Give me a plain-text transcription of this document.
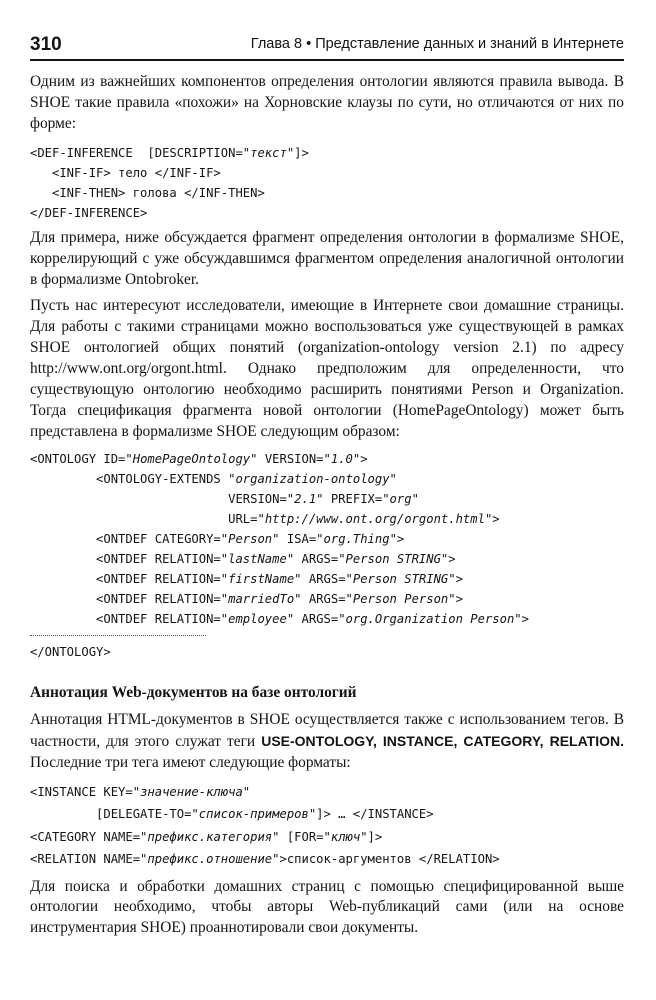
310	Глава 8 • Представление данных и знаний в Интернете

Одним из важнейших компонентов определения онтологии являются правила вывода. В SHOE такие правила «похожи» на Хорновские клаузы по сути, но отличаются от них по форме:

<DEF-INFERENCE  [DESCRIPTION="текст"]>
<INF-IF> тело </INF-IF>
<INF-THEN> голова </INF-THEN>
</DEF-INFERENCE>

Для примера, ниже обсуждается фрагмент определения онтологии в формализме SHOE, коррелирующий с уже обсуждавшимся фрагментом определения аналогичной онтологии в формализме Ontobroker.

Пусть нас интересуют исследователи, имеющие в Интернете свои домашние страницы. Для работы с такими страницами можно воспользоваться уже существующей в рамках SHOE онтологией общих понятий (organization-ontology version 2.1) по адресу http://www.ont.org/orgont.html. Однако предположим для определенности, что существующую онтологию необходимо расширить понятиями Person и Organization. Тогда спецификация фрагмента новой онтологии (HomePageOntology) может быть представлена в формализме SHOE следующим образом:

<ONTOLOGY ID="HomePageOntology" VERSION="1.0">
<ONTOLOGY-EXTENDS "organization-ontology"
VERSION="2.1" PREFIX="org"
URL="http://www.ont.org/orgont.html">
<ONTDEF CATEGORY="Person" ISA="org.Thing">
<ONTDEF RELATION="lastName" ARGS="Person STRING">
<ONTDEF RELATION="firstName" ARGS="Person STRING">
<ONTDEF RELATION="marriedTo" ARGS="Person Person">
<ONTDEF RELATION="employee" ARGS="org.Organization Person">
</ONTOLOGY>
Аннотация Web-документов на базе онтологий

Аннотация HTML-документов в SHOE осуществляется также с использованием тегов. В частности, для этого служат теги USE-ONTOLOGY, INSTANCE, CATEGORY, RELATION. Последние три тега имеют следующие форматы:

<INSTANCE KEY="значение-ключа"
[DELEGATE-TO="список-примеров"]> … </INSTANCE>
<CATEGORY NAME="префикс.категория" [FOR="ключ"]>
<RELATION NAME="префикс.отношение">список-аргументов </RELATION>

Для поиска и обработки домашних страниц с помощью специфицированной выше онтологии необходимо, чтобы авторы Web-публикаций сами (или на основе инструментария SHOE) проаннотировали свои документы.
